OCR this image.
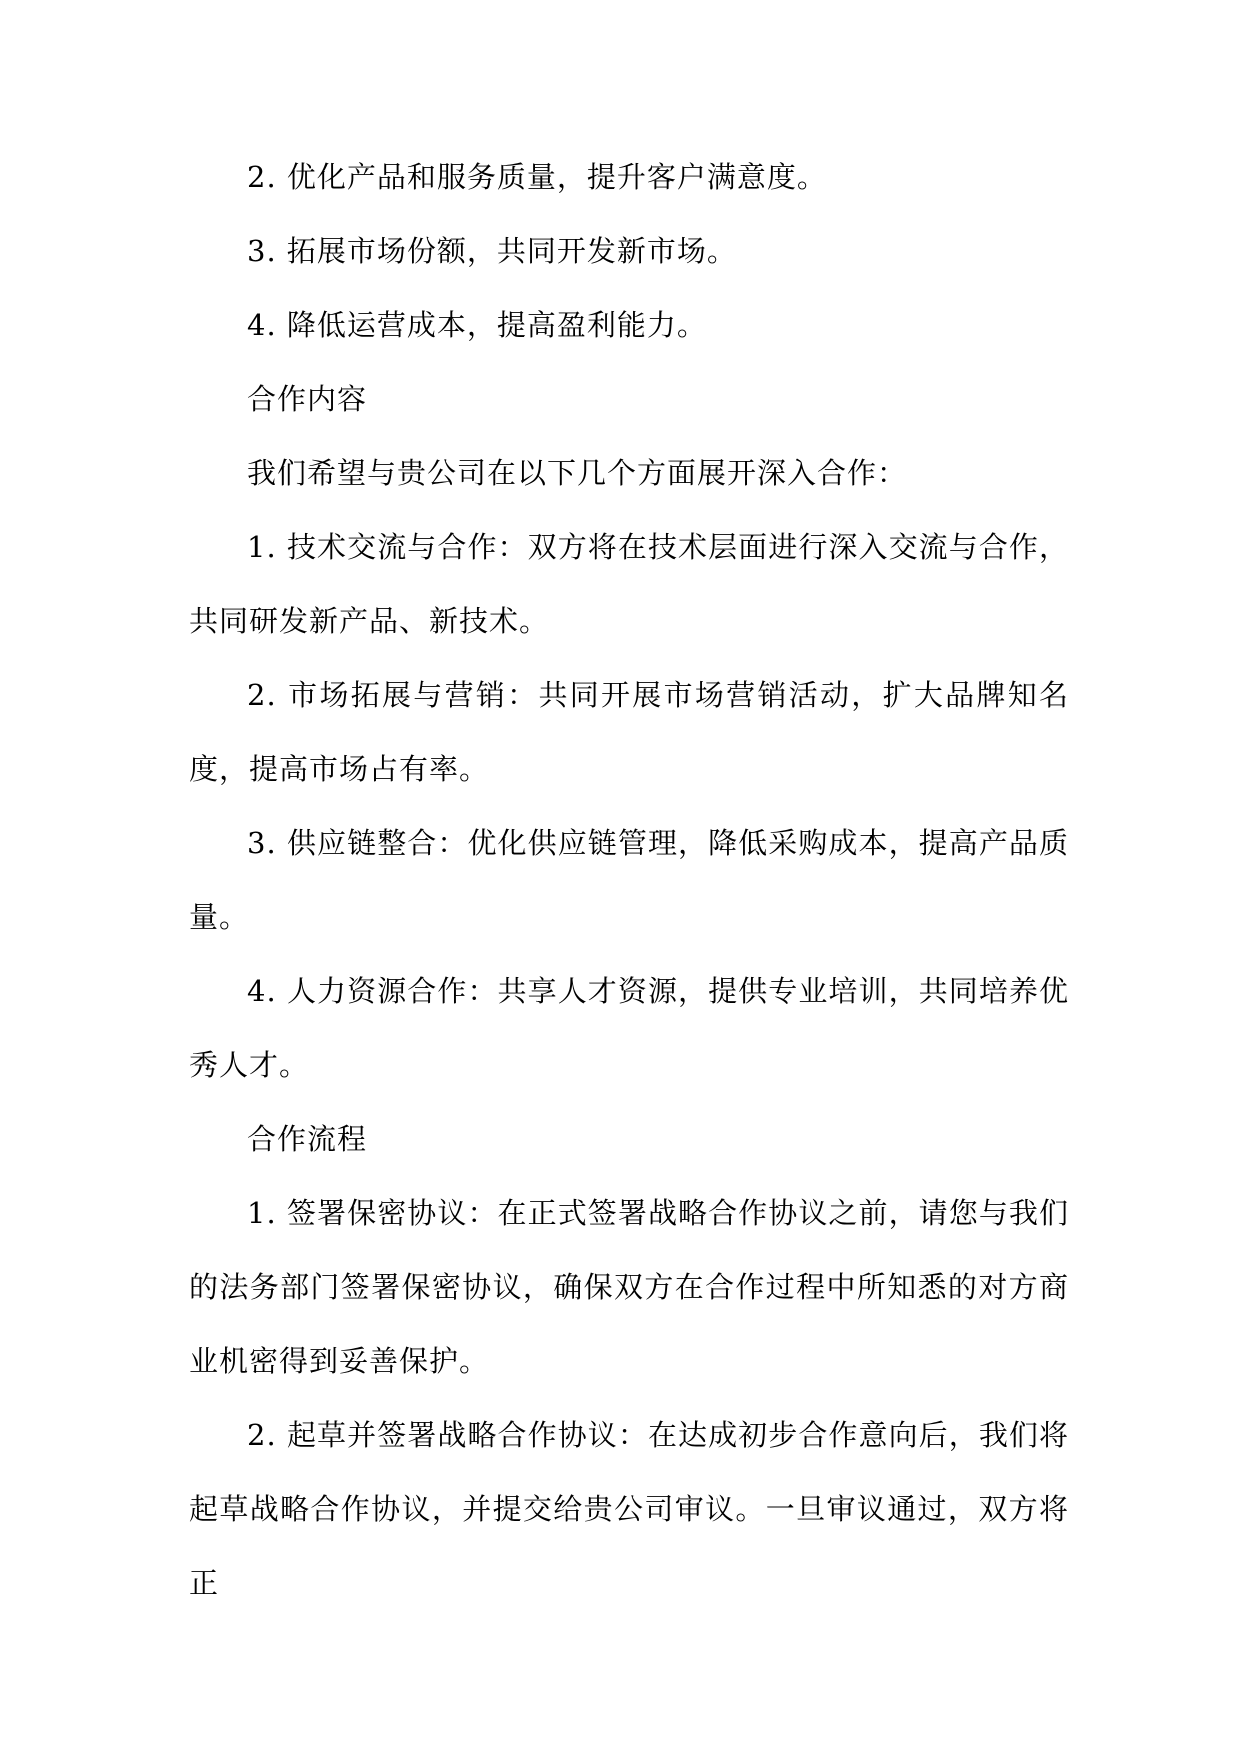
2. 优化产品和服务质量，提升客户满意度。

3. 拓展市场份额，共同开发新市场。

4. 降低运营成本，提高盈利能力。

合作内容

我们希望与贵公司在以下几个方面展开深入合作：

1. 技术交流与合作：双方将在技术层面进行深入交流与合作，共同研发新产品、新技术。

2. 市场拓展与营销：共同开展市场营销活动，扩大品牌知名度，提高市场占有率。

3. 供应链整合：优化供应链管理，降低采购成本，提高产品质量。

4. 人力资源合作：共享人才资源，提供专业培训，共同培养优秀人才。

合作流程

1. 签署保密协议：在正式签署战略合作协议之前，请您与我们的法务部门签署保密协议，确保双方在合作过程中所知悉的对方商业机密得到妥善保护。

2. 起草并签署战略合作协议：在达成初步合作意向后，我们将起草战略合作协议，并提交给贵公司审议。一旦审议通过，双方将正
